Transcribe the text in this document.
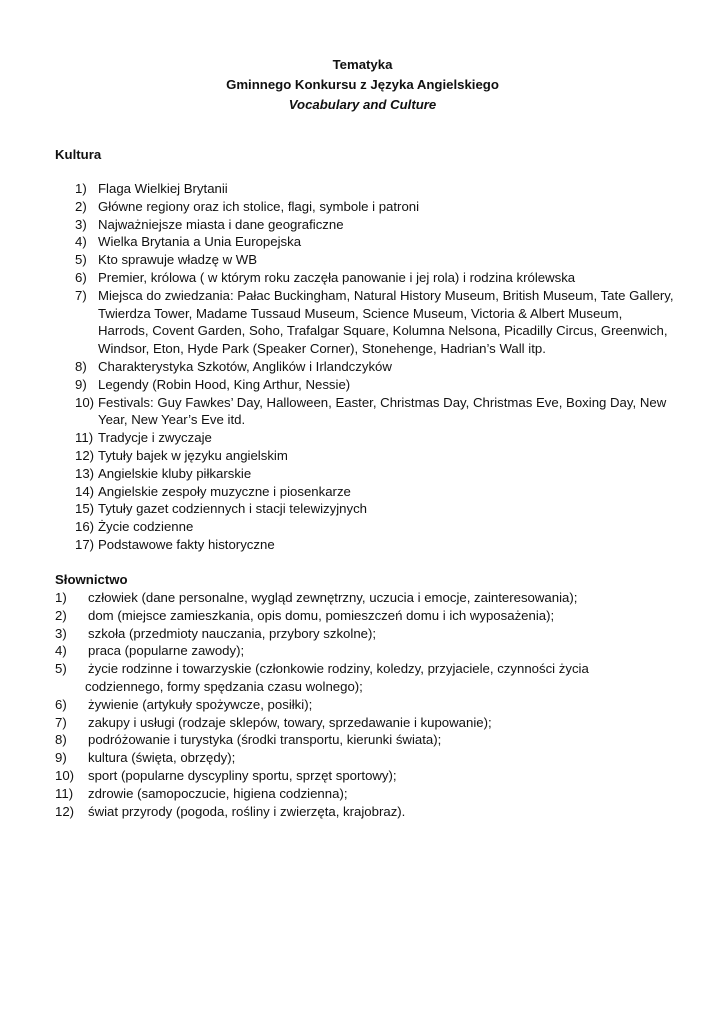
Tematyka
Gminnego Konkursu z Języka Angielskiego
Vocabulary and Culture
Kultura
1) Flaga Wielkiej Brytanii
2) Główne regiony oraz ich stolice, flagi, symbole i patroni
3) Najważniejsze miasta i dane geograficzne
4) Wielka Brytania a Unia Europejska
5) Kto sprawuje władzę w WB
6) Premier, królowa ( w którym roku zaczęła panowanie i jej rola) i rodzina królewska
7) Miejsca do zwiedzania: Pałac Buckingham, Natural History Museum, British Museum, Tate Gallery, Twierdza Tower, Madame Tussaud Museum, Science Museum, Victoria & Albert Museum, Harrods, Covent Garden, Soho, Trafalgar Square, Kolumna Nelsona, Picadilly Circus, Greenwich, Windsor, Eton, Hyde Park (Speaker Corner), Stonehenge, Hadrian’s Wall itp.
8) Charakterystyka Szkotów, Anglików i Irlandczyków
9) Legendy (Robin Hood, King Arthur, Nessie)
10) Festivals: Guy Fawkes’ Day, Halloween, Easter, Christmas Day, Christmas Eve, Boxing Day, New Year, New Year’s Eve itd.
11) Tradycje i zwyczaje
12) Tytuły bajek w języku angielskim
13) Angielskie kluby piłkarskie
14) Angielskie zespoły muzyczne i piosenkarze
15) Tytuły gazet codziennych i stacji telewizyjnych
16) Życie codzienne
17) Podstawowe fakty historyczne
Słownictwo
1)	człowiek (dane personalne, wygląd zewnętrzny, uczucia i emocje, zainteresowania);
2)	dom (miejsce zamieszkania, opis domu, pomieszczeń domu i ich wyposażenia);
3)	szkoła (przedmioty nauczania, przybory szkolne);
4)	praca (popularne zawody);
5)	życie rodzinne i towarzyskie (członkowie rodziny, koledzy, przyjaciele, czynności życia
codziennego, formy spędzania czasu wolnego);
6)	żywienie (artykuły spożywcze, posiłki);
7)	zakupy i usługi (rodzaje sklepów, towary, sprzedawanie i kupowanie);
8)	podróżowanie i turystyka (środki transportu, kierunki świata);
9)	kultura (święta, obrzędy);
10)	sport (popularne dyscypliny sportu, sprzęt sportowy);
11)	zdrowie (samopoczucie, higiena codzienna);
12)	świat przyrody (pogoda, rośliny i zwierzęta, krajobraz).
